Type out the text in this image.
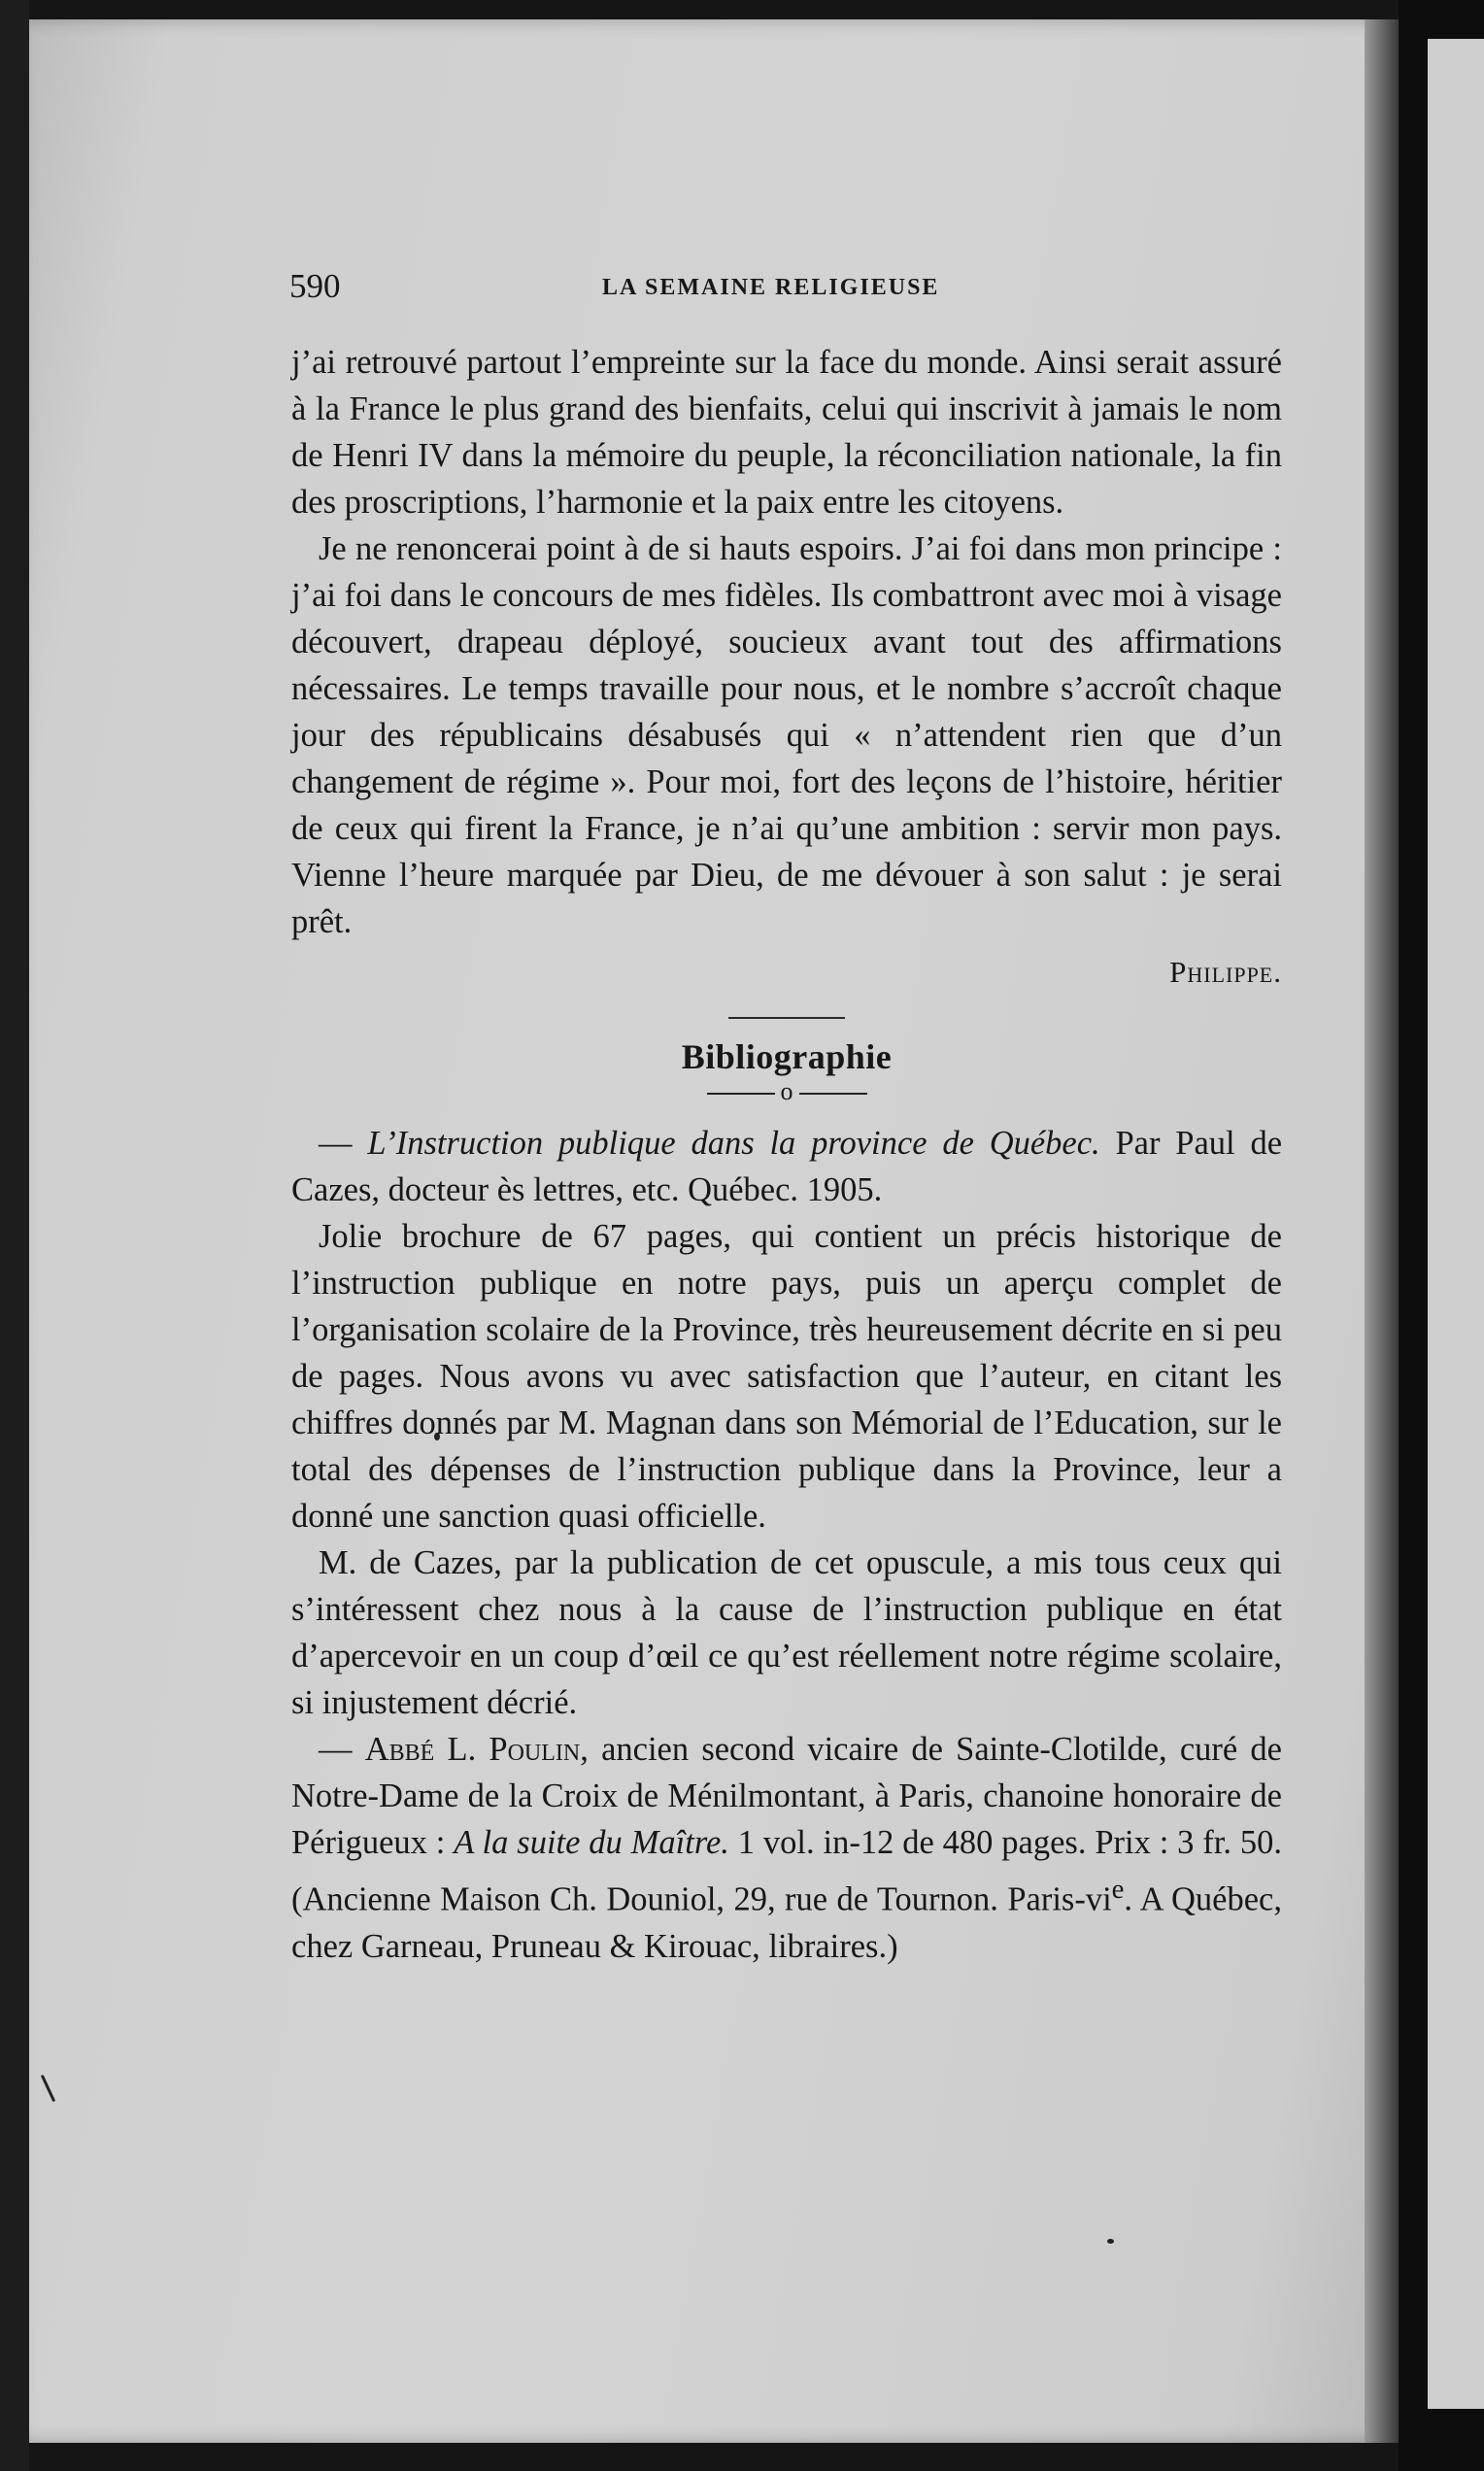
590	LA SEMAINE RELIGIEUSE

j’ai retrouvé partout l’empreinte sur la face du monde. Ainsi serait assuré à la France le plus grand des bienfaits, celui qui inscrivit à jamais le nom de Henri IV dans la mémoire du peuple, la réconciliation nationale, la fin des proscriptions, l’harmonie et la paix entre les citoyens.

Je ne renoncerai point à de si hauts espoirs. J’ai foi dans mon principe : j’ai foi dans le concours de mes fidèles. Ils combattront avec moi à visage découvert, drapeau déployé, soucieux avant tout des affirmations nécessaires. Le temps travaille pour nous, et le nombre s’accroît chaque jour des républicains désabusés qui « n’attendent rien que d’un changement de régime ». Pour moi, fort des leçons de l’histoire, héritier de ceux qui firent la France, je n’ai qu’une ambition : servir mon pays. Vienne l’heure marquée par Dieu, de me dévouer à son salut : je serai prêt.

Philippe.

Bibliographie
o

— L’Instruction publique dans la province de Québec. Par Paul de Cazes, docteur ès lettres, etc. Québec. 1905.

Jolie brochure de 67 pages, qui contient un précis historique de l’instruction publique en notre pays, puis un aperçu complet de l’organisation scolaire de la Province, très heureusement décrite en si peu de pages. Nous avons vu avec satisfaction que l’auteur, en citant les chiffres donnés par M. Magnan dans son Mémorial de l’Education, sur le total des dépenses de l’instruction publique dans la Province, leur a donné une sanction quasi officielle.

M. de Cazes, par la publication de cet opuscule, a mis tous ceux qui s’intéressent chez nous à la cause de l’instruction publique en état d’apercevoir en un coup d’œil ce qu’est réellement notre régime scolaire, si injustement décrié.

— Abbé L. Poulin, ancien second vicaire de Sainte-Clotilde, curé de Notre-Dame de la Croix de Ménilmontant, à Paris, chanoine honoraire de Périgueux : A la suite du Maître. 1 vol. in-12 de 480 pages. Prix : 3 fr. 50. (Ancienne Maison Ch. Douniol, 29, rue de Tournon. Paris-$vi^e$. A Québec, chez Garneau, Pruneau & Kirouac, libraires.)
